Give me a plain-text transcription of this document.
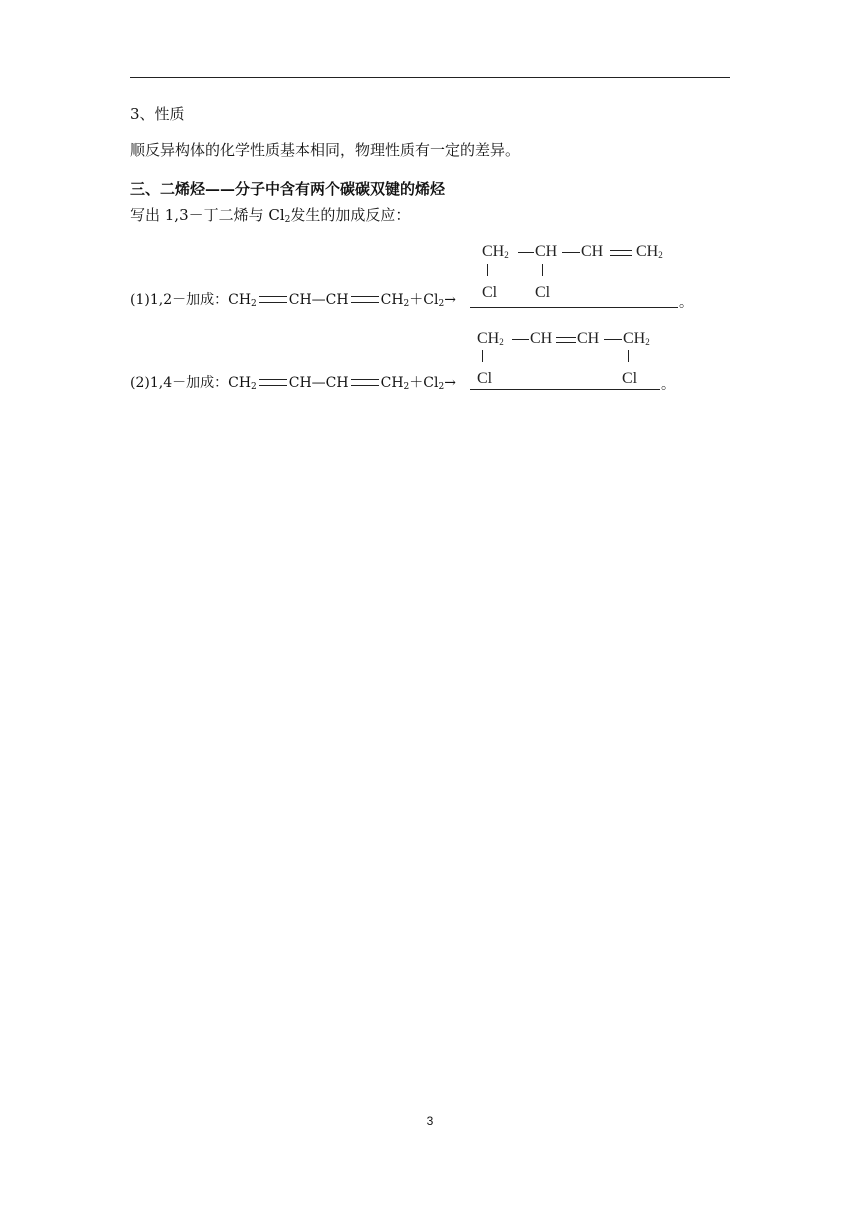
3、性质
顺反异构体的化学性质基本相同，物理性质有一定的差异。
三、二烯烃——分子中含有两个碳碳双键的烯烃
写出 1,3－丁二烯与 $Cl_2$发生的加成反应：
(1)1,2－加成：$CH_2$ CH—CH $CH_2+Cl_2\to$
$CH_2$ CH CH $CH_2$
Cl Cl
。
(2)1,4－加成：$CH_2$ CH—CH $CH_2+Cl_2\to$
$CH_2$ CH CH $CH_2$
Cl	Cl 。
3
